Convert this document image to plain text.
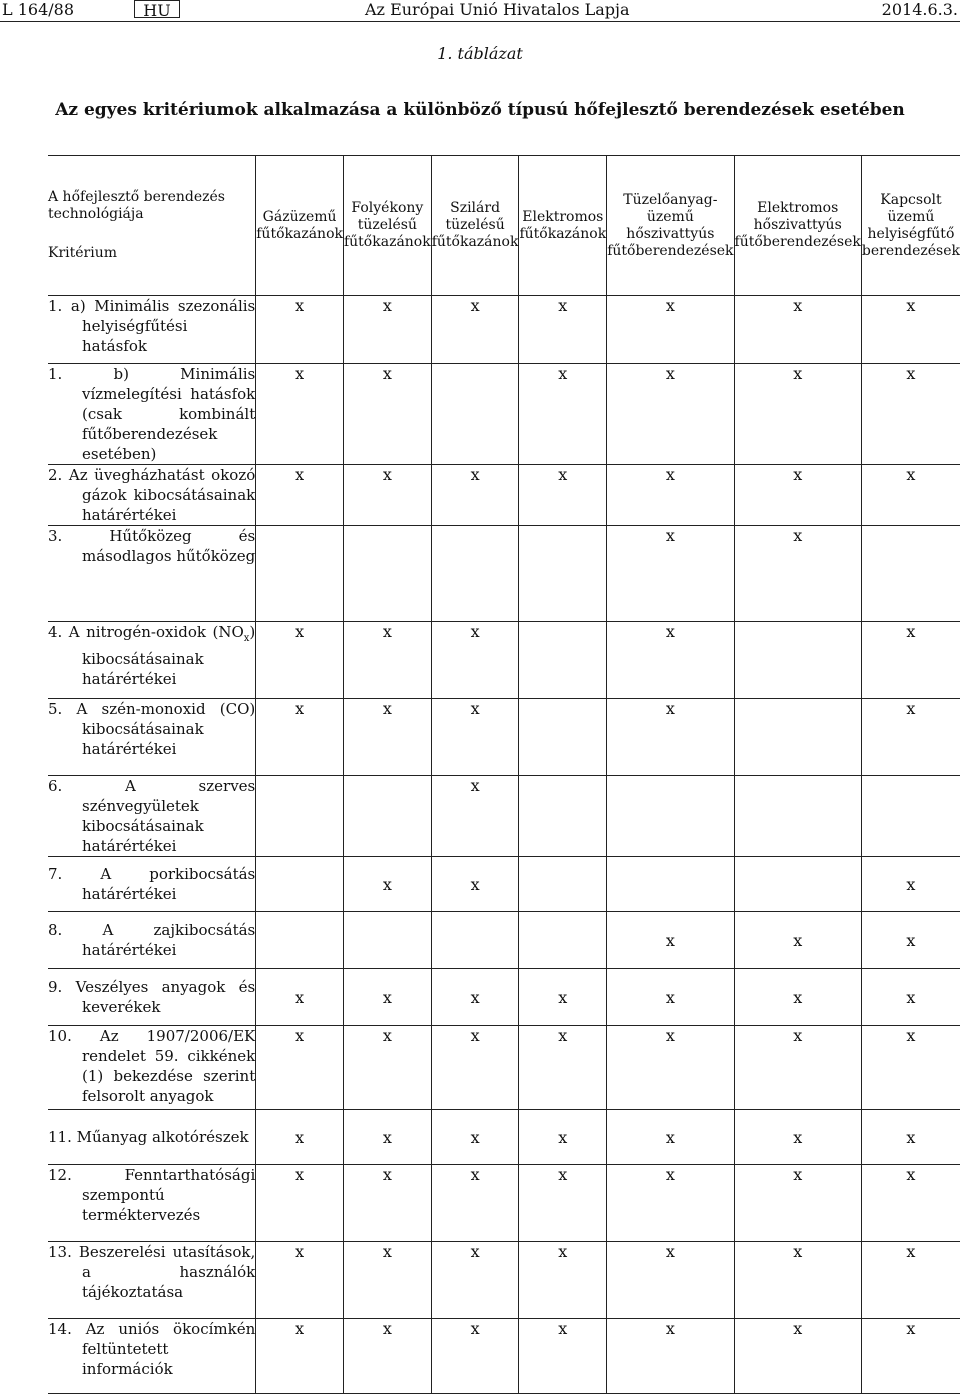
L 164/88	HU	Az Európai Unió Hivatalos Lapja	2014.6.3.
1. táblázat
Az egyes kritériumok alkalmazása a különböző típusú hőfejlesztő berendezések esetében
A hőfejlesztő berendezés technológiája
Kritérium	Gázüzemű fűtőkazánok	Folyékony tüzelésű fűtőkazánok	Szilárd tüzelésű fűtőkazánok	Elektromos fűtőkazánok	Tüzelőanyag-üzemű hőszivattyús fűtőberendezések	Elektromos hőszivattyús fűtőberendezések	Kapcsolt üzemű helyiségfűtő berendezések

1. a) Minimális szezonális helyiségfűtési hatásfok	x	x	x	x	x	x	x

1. b) Minimális vízmelegítési hatásfok (csak kombinált fűtőberendezések esetében)	x	x		x	x	x	x

2. Az üvegházhatást okozó gázok kibocsátásainak határértékei	x	x	x	x	x	x	x

3. Hűtőközeg és másodlagos hűtőközeg					x	x	

4. A nitrogén-oxidok $(NO_x)$ kibocsátásainak határértékei	x	x	x		x		x

5. A szén-monoxid (CO) kibocsátásainak határértékei	x	x	x		x		x

6. A szerves szénvegyületek kibocsátásainak határértékei			x				

7. A porkibocsátás határértékei		x	x				x

8. A zajkibocsátás határértékei					x	x	x

9. Veszélyes anyagok és keverékek	x	x	x	x	x	x	x

10. Az 1907/2006/EK rendelet 59. cikkének (1) bekezdése szerint felsorolt anyagok	x	x	x	x	x	x	x

11. Műanyag alkotórészek	x	x	x	x	x	x	x

12. Fenntarthatósági szempontú terméktervezés	x	x	x	x	x	x	x

13. Beszerelési utasítások, a használók tájékoztatása	x	x	x	x	x	x	x

14. Az uniós ökocímkén feltüntetett információk	x	x	x	x	x	x	x
